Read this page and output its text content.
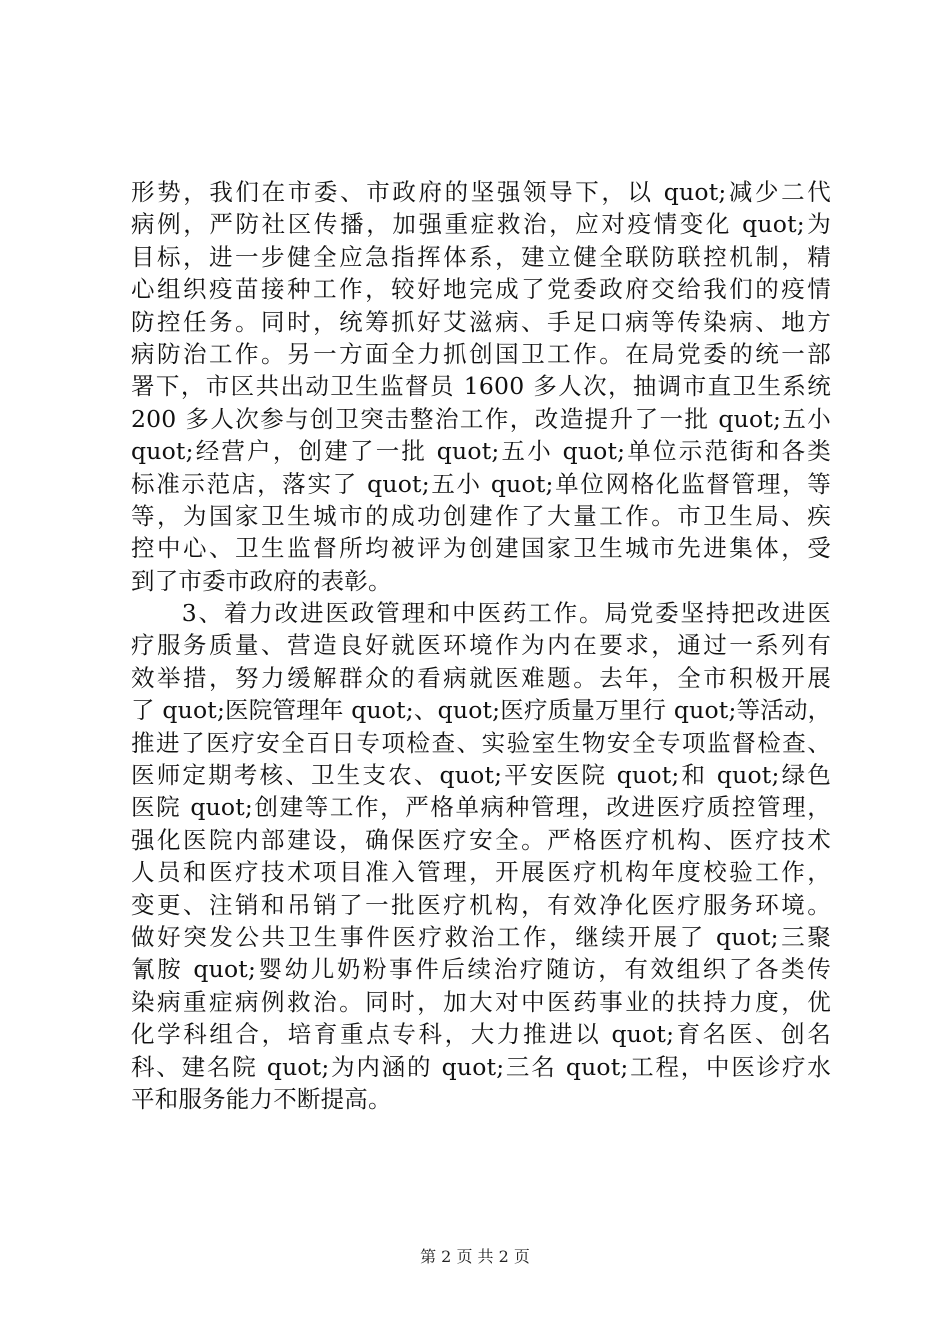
形势，我们在市委、市政府的坚强领导下，以 quot;减少二代
病例，严防社区传播，加强重症救治，应对疫情变化 quot;为
目标，进一步健全应急指挥体系，建立健全联防联控机制，精
心组织疫苗接种工作，较好地完成了党委政府交给我们的疫情
防控任务。同时，统筹抓好艾滋病、手足口病等传染病、地方
病防治工作。另一方面全力抓创国卫工作。在局党委的统一部
署下，市区共出动卫生监督员 1600 多人次，抽调市直卫生系统
200 多人次参与创卫突击整治工作，改造提升了一批 quot;五小
quot;经营户，创建了一批 quot;五小 quot;单位示范街和各类
标准示范店，落实了 quot;五小 quot;单位网格化监督管理，等
等，为国家卫生城市的成功创建作了大量工作。市卫生局、疾
控中心、卫生监督所均被评为创建国家卫生城市先进集体，受
到了市委市政府的表彰。
　　3、着力改进医政管理和中医药工作。局党委坚持把改进医
疗服务质量、营造良好就医环境作为内在要求，通过一系列有
效举措，努力缓解群众的看病就医难题。去年，全市积极开展
了 quot;医院管理年 quot;、quot;医疗质量万里行 quot;等活动，
推进了医疗安全百日专项检查、实验室生物安全专项监督检查、
医师定期考核、卫生支农、quot;平安医院 quot;和 quot;绿色
医院 quot;创建等工作，严格单病种管理，改进医疗质控管理，
强化医院内部建设，确保医疗安全。严格医疗机构、医疗技术
人员和医疗技术项目准入管理，开展医疗机构年度校验工作，
变更、注销和吊销了一批医疗机构，有效净化医疗服务环境。
做好突发公共卫生事件医疗救治工作，继续开展了 quot;三聚
氰胺 quot;婴幼儿奶粉事件后续治疗随访，有效组织了各类传
染病重症病例救治。同时，加大对中医药事业的扶持力度，优
化学科组合，培育重点专科，大力推进以 quot;育名医、创名
科、建名院 quot;为内涵的 quot;三名 quot;工程，中医诊疗水
平和服务能力不断提高。
第 2 页 共 2 页
